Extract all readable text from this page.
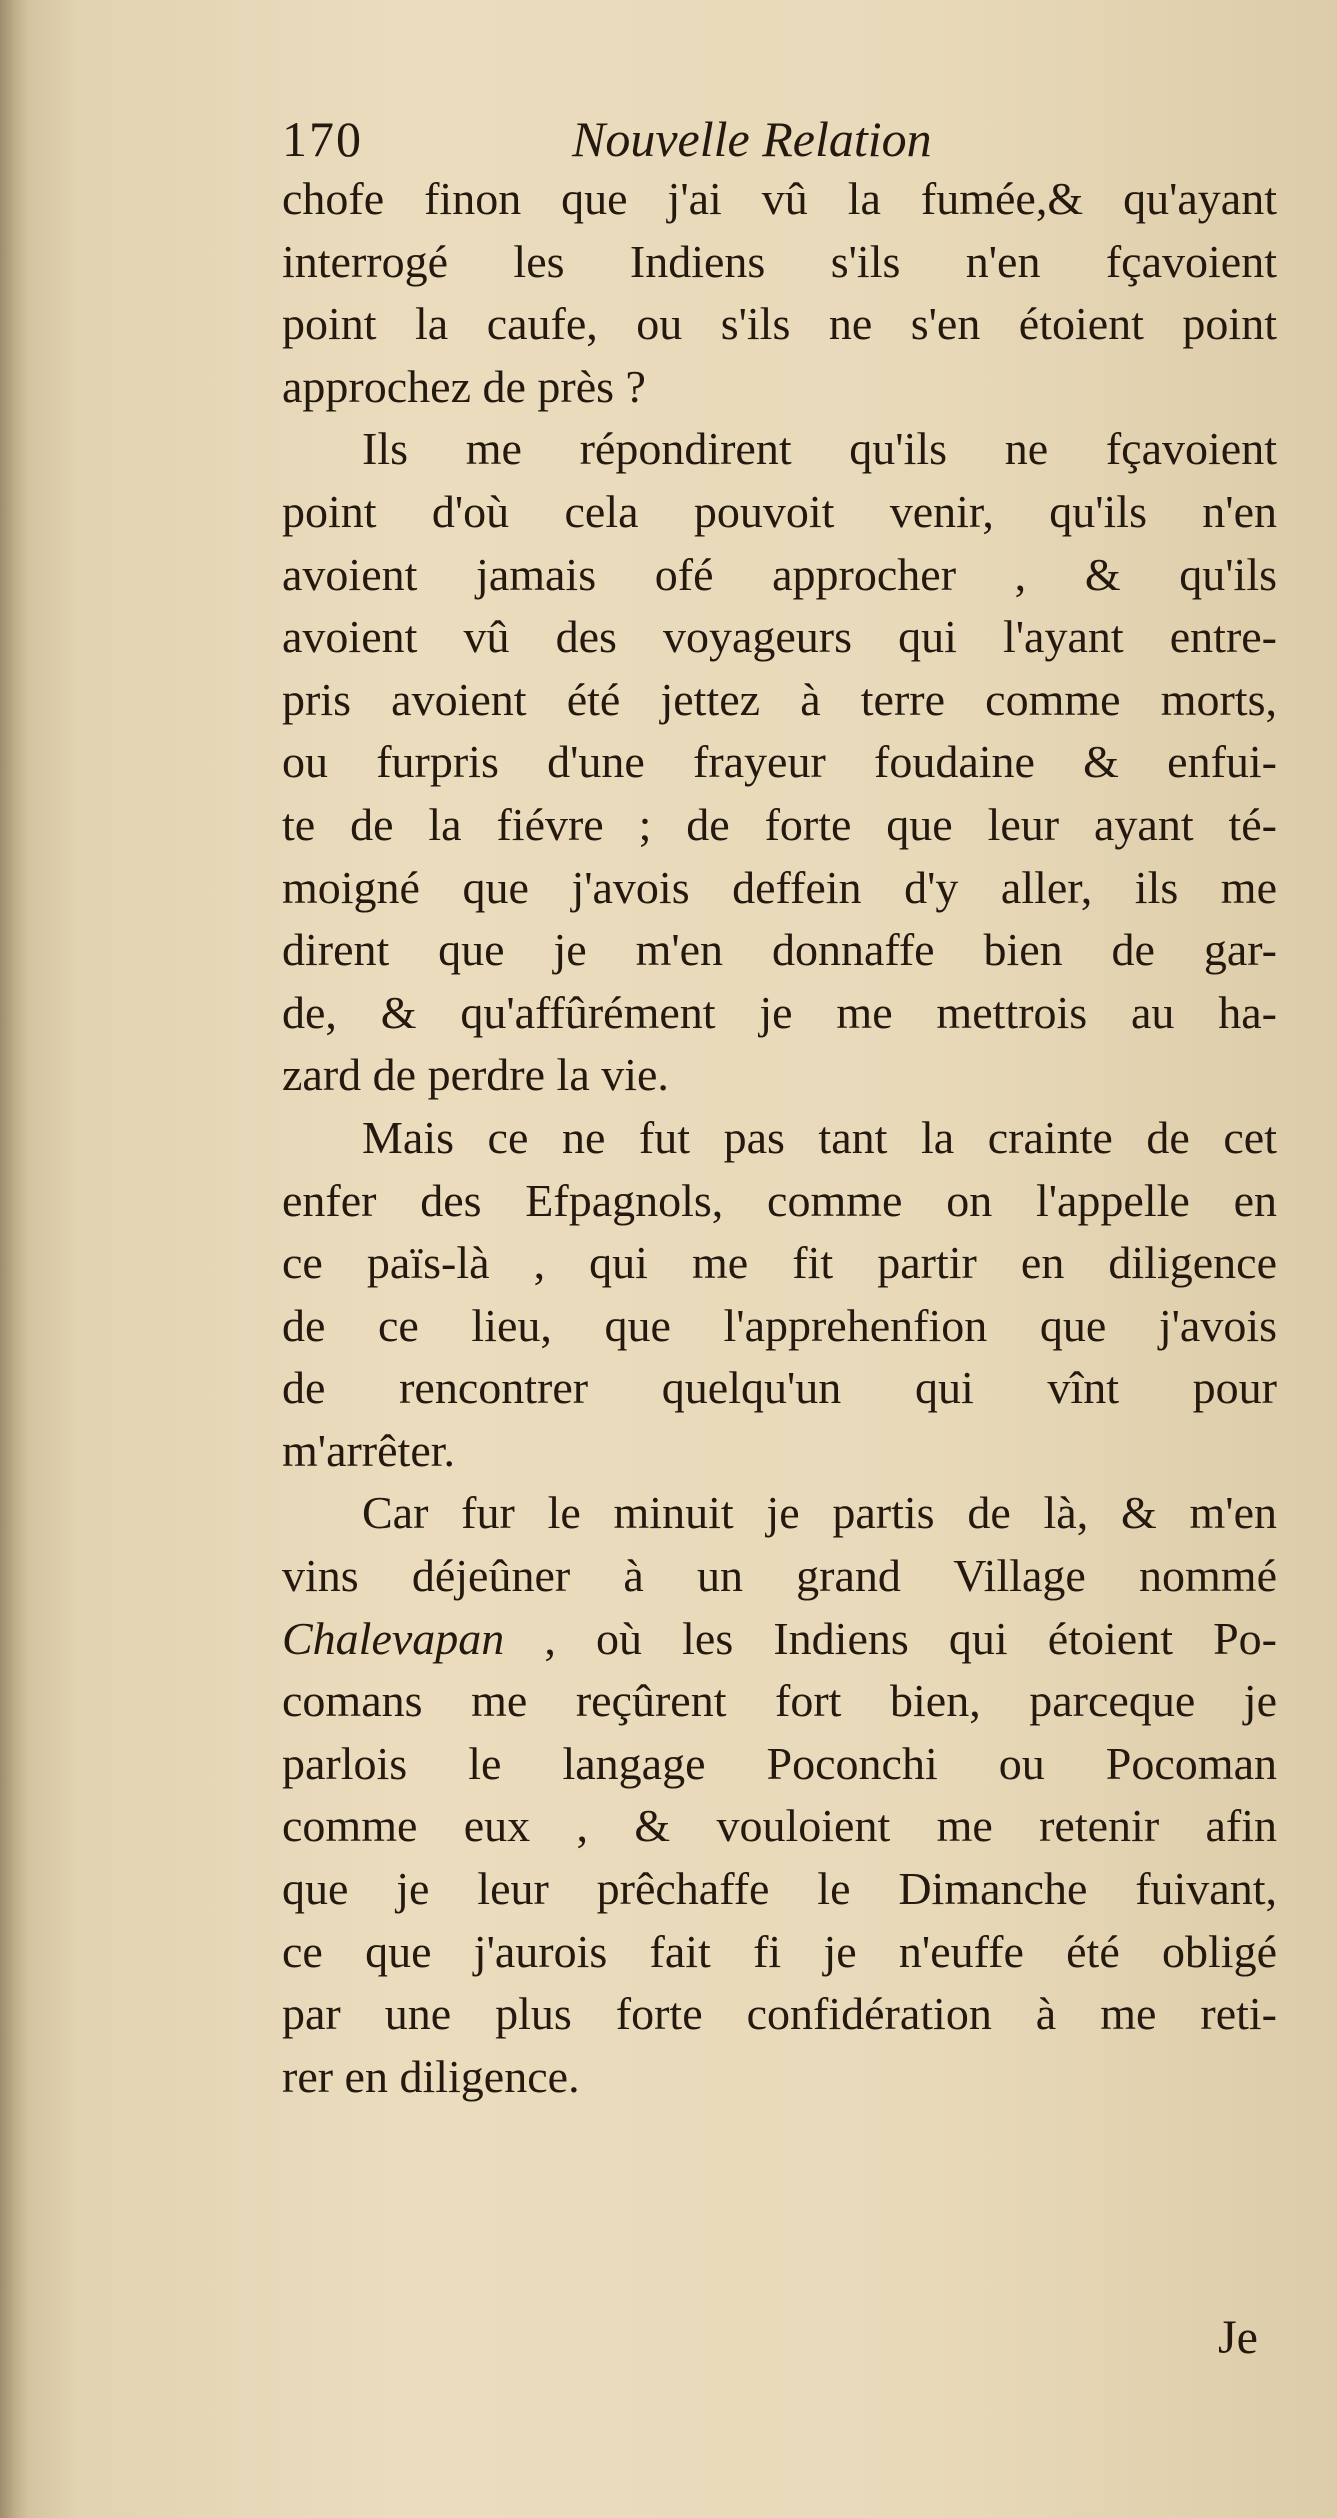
170	Nouvelle Relation
chofe finon que j'ai vû la fumée,& qu'ayant
interrogé les Indiens s'ils n'en fçavoient
point la caufe, ou s'ils ne s'en étoient point
approchez de près ?
Ils me répondirent qu'ils ne fçavoient
point d'où cela pouvoit venir, qu'ils n'en
avoient jamais ofé approcher , & qu'ils
avoient vû des voyageurs qui l'ayant entre-
pris avoient été jettez à terre comme morts,
ou furpris d'une frayeur foudaine & enfui-
te de la fiévre ; de forte que leur ayant té-
moigné que j'avois deffein d'y aller, ils me
dirent que je m'en donnaffe bien de gar-
de, & qu'affûrément je me mettrois au ha-
zard de perdre la vie.
Mais ce ne fut pas tant la crainte de cet
enfer des Efpagnols, comme on l'appelle en
ce païs-là , qui me fit partir en diligence
de ce lieu, que l'apprehenfion que j'avois
de rencontrer quelqu'un qui vînt pour
m'arrêter.
Car fur le minuit je partis de là, & m'en
vins déjeûner à un grand Village nommé
Chalevapan , où les Indiens qui étoient Po-
comans me reçûrent fort bien, parceque je
parlois le langage Poconchi ou Pocoman
comme eux , & vouloient me retenir afin
que je leur prêchaffe le Dimanche fuivant,
ce que j'aurois fait fi je n'euffe été obligé
par une plus forte confidération à me reti-
rer en diligence.
Je
